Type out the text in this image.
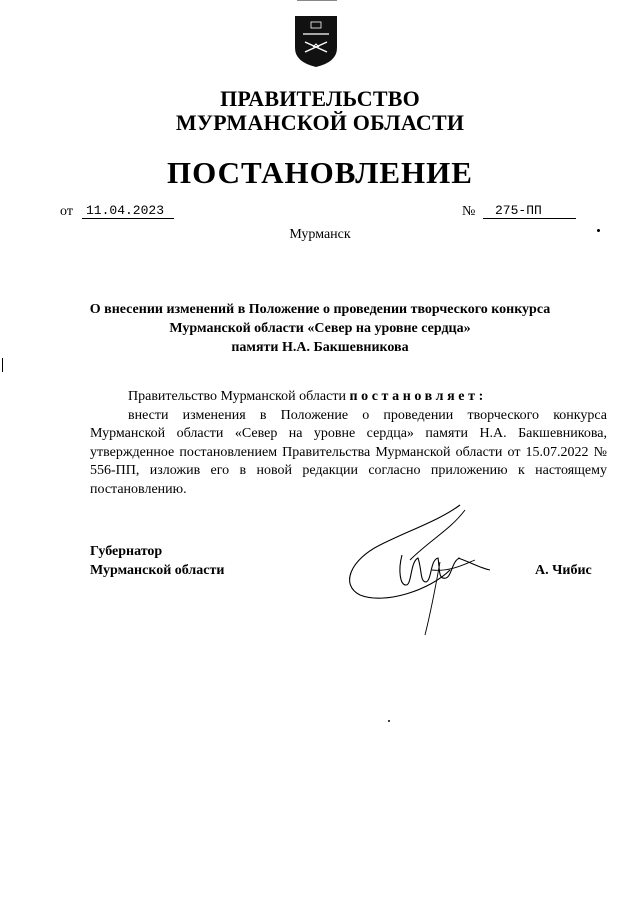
ПРАВИТЕЛЬСТВО
МУРМАНСКОЙ ОБЛАСТИ
ПОСТАНОВЛЕНИЕ
от	11.04.2023	№	275-ПП
Мурманск
О внесении изменений в Положение о проведении творческого конкурса
Мурманской области «Север на уровне сердца»
памяти Н.А. Бакшевникова

Правительство Мурманской области постановляет:

внести изменения в Положение о проведении творческого конкурса Мурманской области «Север на уровне сердца» памяти Н.А. Бакшевникова, утвержденное постановлением Правительства Мурманской области от 15.07.2022 № 556-ПП, изложив его в новой редакции согласно приложению к настоящему постановлению.

Губернатор
Мурманской области	А. Чибис
